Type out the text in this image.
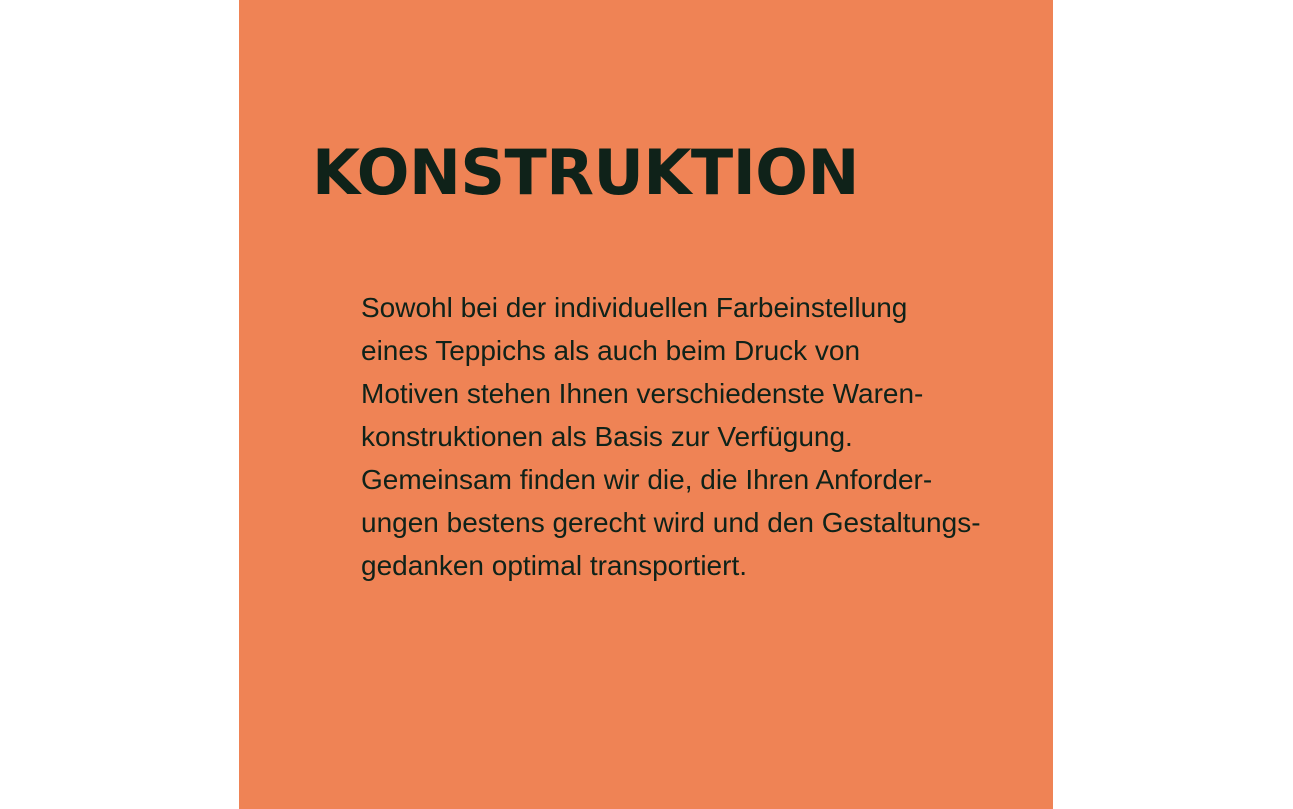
KONSTRUKTION

Sowohl bei der individuellen Farbeinstellung
eines Teppichs als auch beim Druck von
Motiven stehen Ihnen verschiedenste Waren-
konstruktionen als Basis zur Verfügung.
Gemeinsam finden wir die, die Ihren Anforder-
ungen bestens gerecht wird und den Gestaltungs-
gedanken optimal transportiert.
